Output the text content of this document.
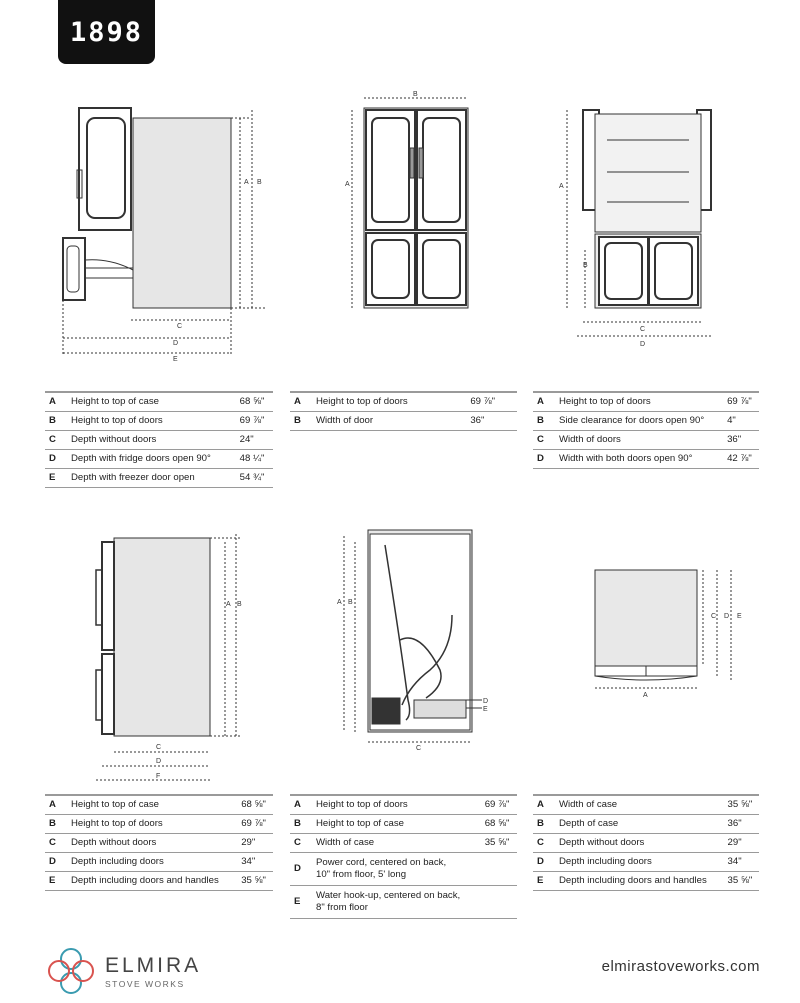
1898
A B
C
D
E
B
A	A
B
C
D
A B
C
D
F
A B
C
D
E
C D E
A
A	Height to top of case	68 ⅝"
B	Height to top of doors	69 ⅞"
C	Depth without doors	24"
D	Depth with fridge doors open 90°	48 ¼"
E	Depth with freezer door open	54 ¾"
A	Height to top of doors	69 ⅞"
B	Width of door	36"
A	Height to top of doors	69 ⅞"
B	Side clearance for doors open 90°	4"
C	Width of doors	36"
D	Width with both doors open 90°	42 ⅞"
A	Height to top of case	68 ⅝"
B	Height to top of doors	69 ⅞"
C	Depth without doors	29"
D	Depth including doors	34"
E	Depth including doors and handles	35 ⅝"
A	Height to top of doors	69 ⅞"
B	Height to top of case	68 ⅝"
C	Width of case	35 ⅝"
D	Power cord, centered on back,
10" from floor, 5' long	
E	Water hook-up, centered on back,
8" from floor	
A	Width of case	35 ⅝"
B	Depth of case	36"
C	Depth without doors	29"
D	Depth including doors	34"
E	Depth including doors and handles	35 ⅝"
ELMIRA
STOVE WORKS
elmirastoveworks.com
